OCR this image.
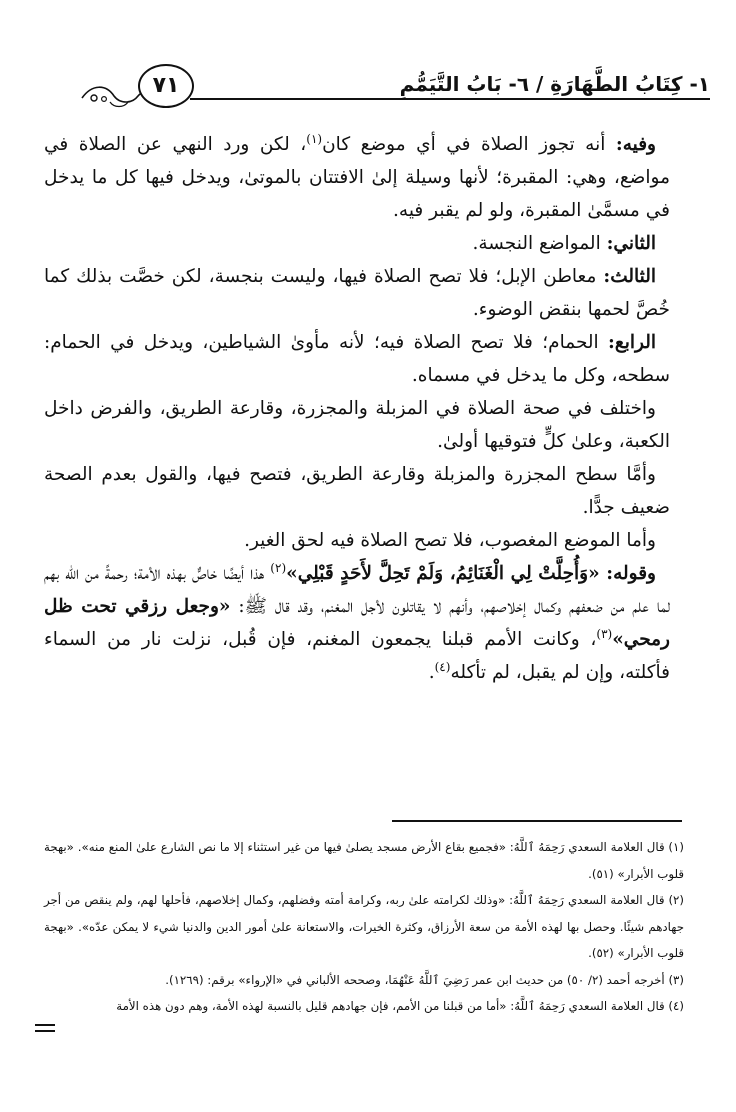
٧١	١- كِتَابُ الطَّهَارَةِ / ٦- بَابُ التَّيَمُّمِ

وفيه: أنه تجوز الصلاة في أي موضع كان$^{(١)}$، لكن ورد النهي عن الصلاة في مواضع، وهي: المقبرة؛ لأنها وسيلة إلىٰ الافتتان بالموتىٰ، ويدخل فيها كل ما يدخل في مسمَّىٰ المقبرة، ولو لم يقبر فيه.

الثاني: المواضع النجسة.

الثالث: معاطن الإبل؛ فلا تصح الصلاة فيها، وليست بنجسة، لكن خصَّت بذلك كما خُصَّ لحمها بنقض الوضوء.

الرابع: الحمام؛ فلا تصح الصلاة فيه؛ لأنه مأوىٰ الشياطين، ويدخل في الحمام: سطحه، وكل ما يدخل في مسماه.

واختلف في صحة الصلاة في المزبلة والمجزرة، وقارعة الطريق، والفرض داخل الكعبة، وعلىٰ كلٍّ فتوقيها أولىٰ.

وأمَّا سطح المجزرة والمزبلة وقارعة الطريق، فتصح فيها، والقول بعدم الصحة ضعيف جدًّا.

وأما الموضع المغصوب، فلا تصح الصلاة فيه لحق الغير.

وقوله: «وَأُحِلَّتْ لِي الْغَنَائِمُ، وَلَمْ تَحِلَّ لأَحَدٍ قَبْلِي»$^{(٢)}$ هذا أيضًا خاصٌّ بهذه الأمة؛ رحمةً من الله بهم لما علم من ضعفهم وكمال إخلاصهم، وأنهم لا يقاتلون لأجل المغنم، وقد قال ﷺ: «وجعل رزقي تحت ظل رمحي»$^{(٣)}$، وكانت الأمم قبلنا يجمعون المغنم، فإن قُبل، نزلت نار من السماء فأكلته، وإن لم يقبل، لم تأكله$^{(٤)}$.

(١) قال العلامة السعدي رَحِمَهُ ٱللَّهُ: «فجميع بقاع الأرض مسجد يصلىٰ فيها من غير استثناء إلا ما نص الشارع علىٰ المنع منه». «بهجة قلوب الأبرار» (٥١).

(٢) قال العلامة السعدي رَحِمَهُ ٱللَّهُ: «وذلك لكرامته علىٰ ربه، وكرامة أمته وفضلهم، وكمال إخلاصهم، فأحلها لهم، ولم ينقص من أجر جهادهم شيئًا. وحصل بها لهذه الأمة من سعة الأرزاق، وكثرة الخيرات، والاستعانة علىٰ أمور الدين والدنيا شيء لا يمكن عدّه». «بهجة قلوب الأبرار» (٥٢).

(٣) أخرجه أحمد (٢/ ٥٠) من حديث ابن عمر رَضِيَ ٱللَّهُ عَنْهُمَا، وصححه الألباني في «الإرواء» برقم: (١٢٦٩).

(٤) قال العلامة السعدي رَحِمَهُ ٱللَّهُ: «أما من قبلنا من الأمم، فإن جهادهم قليل بالنسبة لهذه الأمة، وهم دون هذه الأمة
